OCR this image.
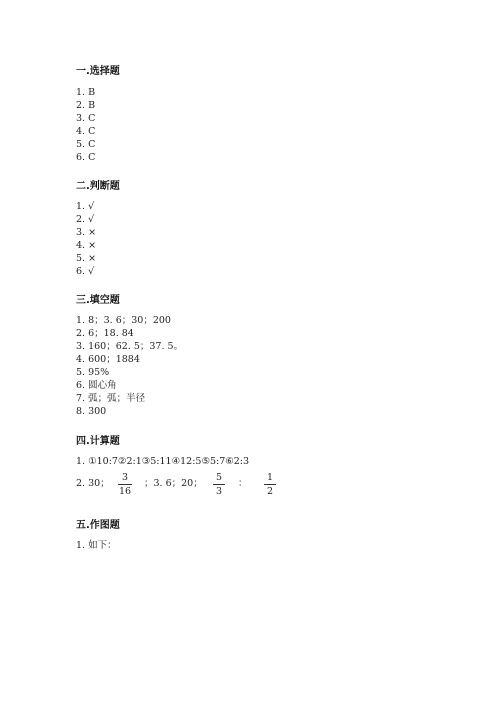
一.选择题
1. B
2. B
3. C
4. C
5. C
6. C
二.判断题
1. √
2. √
3. ×
4. ×
5. ×
6. √
三.填空题
1. 8；3. 6；30；200
2. 6；18. 84
3. 160；62. 5；37. 5。
4. 600；1884
5. 95%
6. 圆心角
7. 弧；弧；半径
8. 300
四.计算题
1. ①10:7②2:1③5:11④12:5⑤5:7⑥2:3
2. 30；
3
16
；3. 6；20；
5
3
：
1
2
五.作图题
1. 如下：
